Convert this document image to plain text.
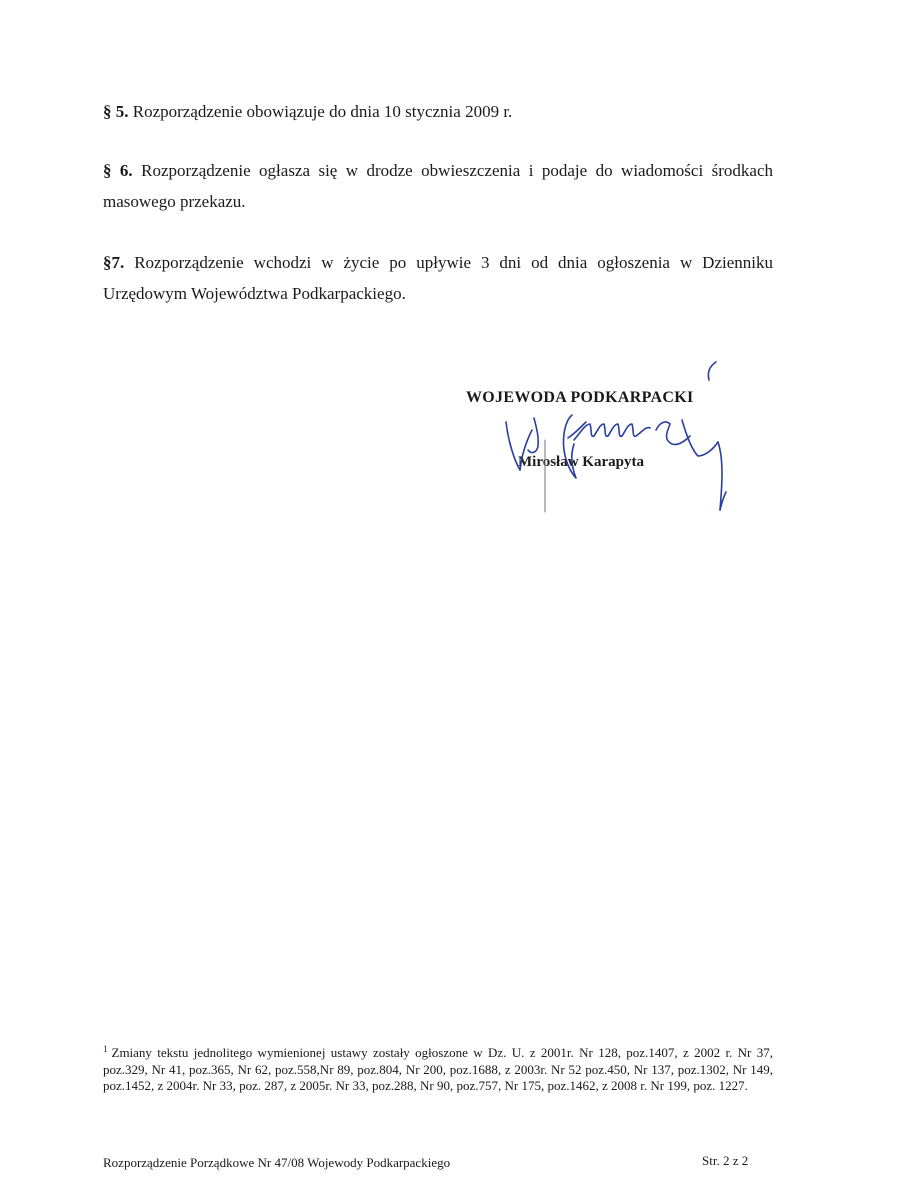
§ 5. Rozporządzenie obowiązuje do dnia 10 stycznia 2009 r.

§ 6. Rozporządzenie ogłasza się w drodze obwieszczenia i podaje do wiadomości środkach masowego przekazu.

§7. Rozporządzenie wchodzi w życie po upływie 3 dni od dnia ogłoszenia w Dzienniku Urzędowym Województwa Podkarpackiego.

WOJEWODA PODKARPACKI
Mirosław Karapyta

$^1$ Zmiany tekstu jednolitego wymienionej ustawy zostały ogłoszone w Dz. U. z 2001r. Nr 128, poz.1407, z 2002 r. Nr 37, poz.329, Nr 41, poz.365, Nr 62, poz.558,Nr 89, poz.804, Nr 200, poz.1688, z 2003r. Nr 52 poz.450, Nr 137, poz.1302, Nr 149, poz.1452, z 2004r. Nr 33, poz. 287, z 2005r. Nr 33, poz.288, Nr 90, poz.757, Nr 175, poz.1462, z 2008 r. Nr 199, poz. 1227.

Rozporządzenie Porządkowe Nr 47/08 Wojewody Podkarpackiego	Str. 2 z 2
